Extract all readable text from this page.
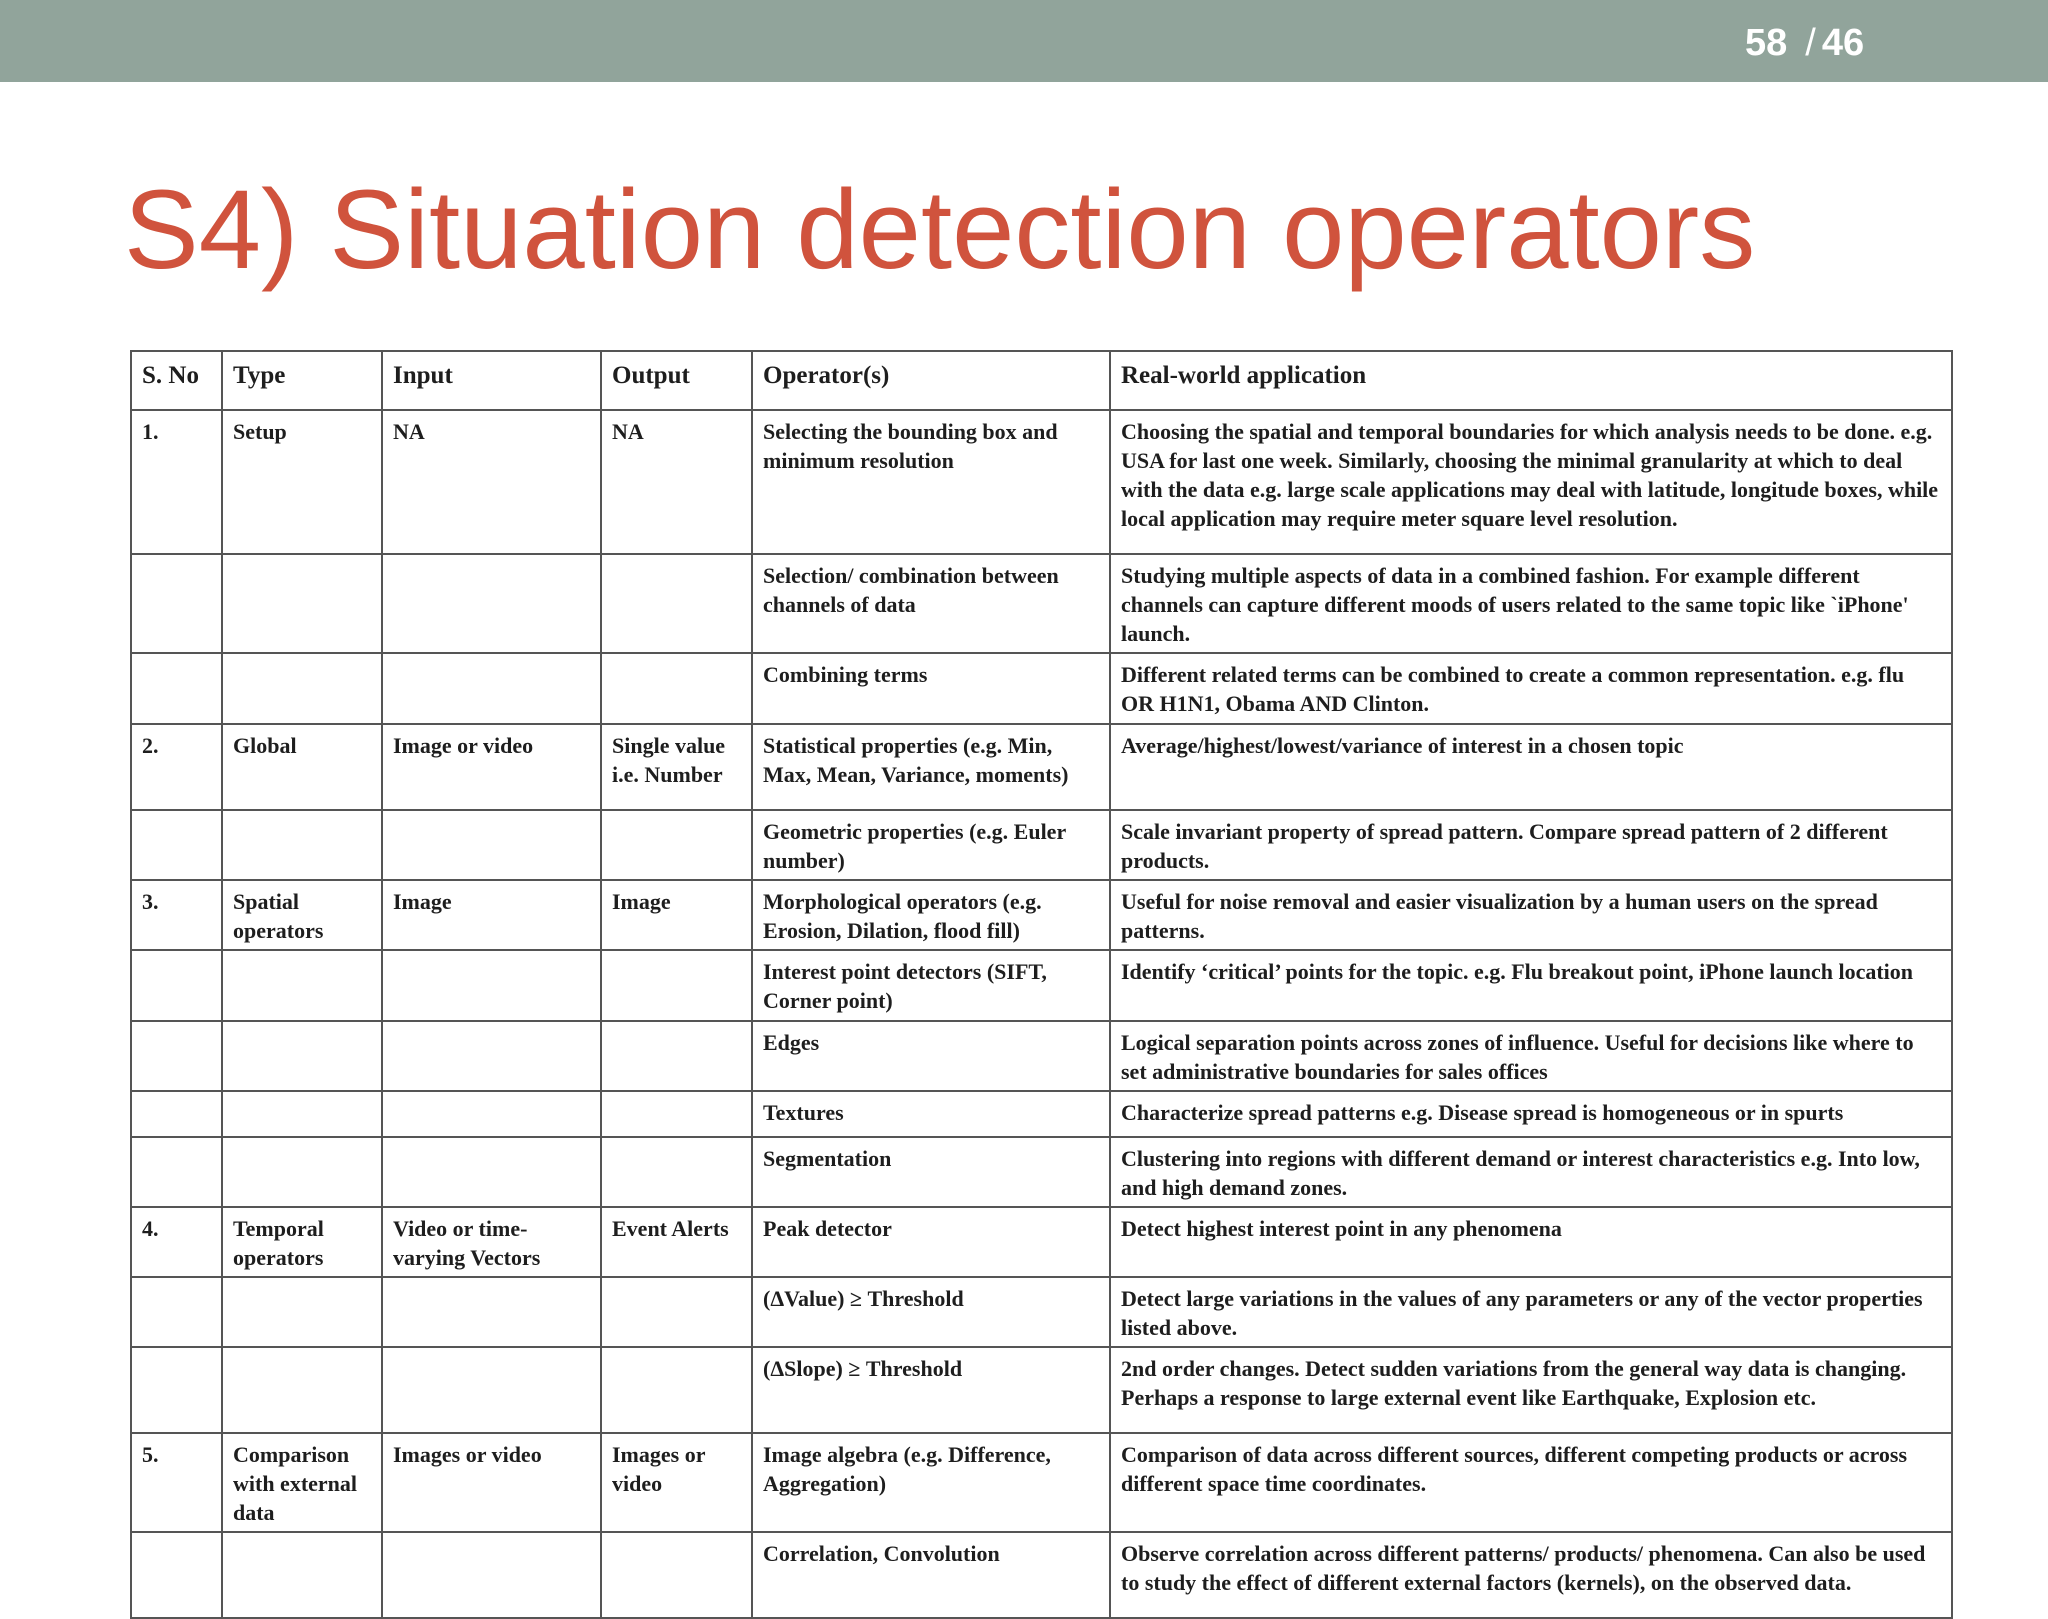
58 / 46
S4) Situation detection operators
S. No	Type	Input	Output	Operator(s)	Real-world application
1.	Setup	NA	NA	Selecting the bounding box and minimum resolution	Choosing the spatial and temporal boundaries for which analysis needs to be done. e.g. USA for last one week. Similarly, choosing the minimal granularity at which to deal with the data e.g. large scale applications may deal with latitude, longitude boxes, while local application may require meter square level resolution.
				Selection/ combination between channels of data	Studying multiple aspects of data in a combined fashion. For example different channels can capture different moods of users related to the same topic like `iPhone' launch.
				Combining terms	Different related terms can be combined to create a common representation. e.g. flu OR H1N1, Obama AND Clinton.
2.	Global	Image or video	Single value i.e. Number	Statistical properties (e.g. Min, Max, Mean, Variance, moments)	Average/highest/lowest/variance of interest in a chosen topic
				Geometric properties (e.g. Euler number)	Scale invariant property of spread pattern. Compare spread pattern of 2 different products.
3.	Spatial operators	Image	Image	Morphological operators (e.g. Erosion, Dilation, flood fill)	Useful for noise removal and easier visualization by a human users on the spread patterns.
				Interest point detectors (SIFT, Corner point)	Identify ‘critical’ points for the topic. e.g. Flu breakout point, iPhone launch location
				Edges	Logical separation points across zones of influence. Useful for decisions like where to set administrative boundaries for sales offices
				Textures	Characterize spread patterns e.g. Disease spread is homogeneous or in spurts
				Segmentation	Clustering into regions with different demand or interest characteristics e.g. Into low, and high demand zones.
4.	Temporal operators	Video or time-varying Vectors	Event Alerts	Peak detector	Detect highest interest point in any phenomena
				(ΔValue) ≥ Threshold	Detect large variations in the values of any parameters or any of the vector properties listed above.
				(ΔSlope) ≥ Threshold	2nd order changes. Detect sudden variations from the general way data is changing. Perhaps a response to large external event like Earthquake, Explosion etc.
5.	Comparison with external data	Images or video	Images or video	Image algebra (e.g. Difference, Aggregation)	Comparison of data across different sources, different competing products or across different space time coordinates.
				Correlation, Convolution	Observe correlation across different patterns/ products/ phenomena. Can also be used to study the effect of different external factors (kernels), on the observed data.
